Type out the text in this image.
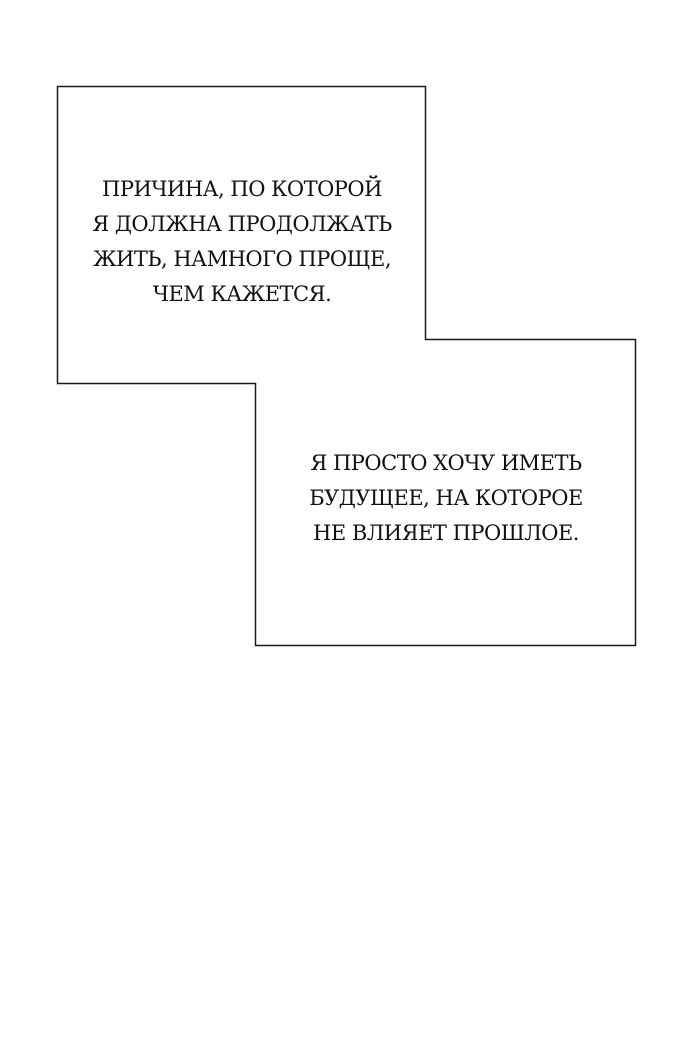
ПРИЧИНА, ПО КОТОРОЙ
Я ДОЛЖНА ПРОДОЛЖАТЬ
ЖИТЬ, НАМНОГО ПРОЩЕ,
ЧЕМ КАЖЕТСЯ.
Я ПРОСТО ХОЧУ ИМЕТЬ
БУДУЩЕЕ, НА КОТОРОЕ
НЕ ВЛИЯЕТ ПРОШЛОЕ.
